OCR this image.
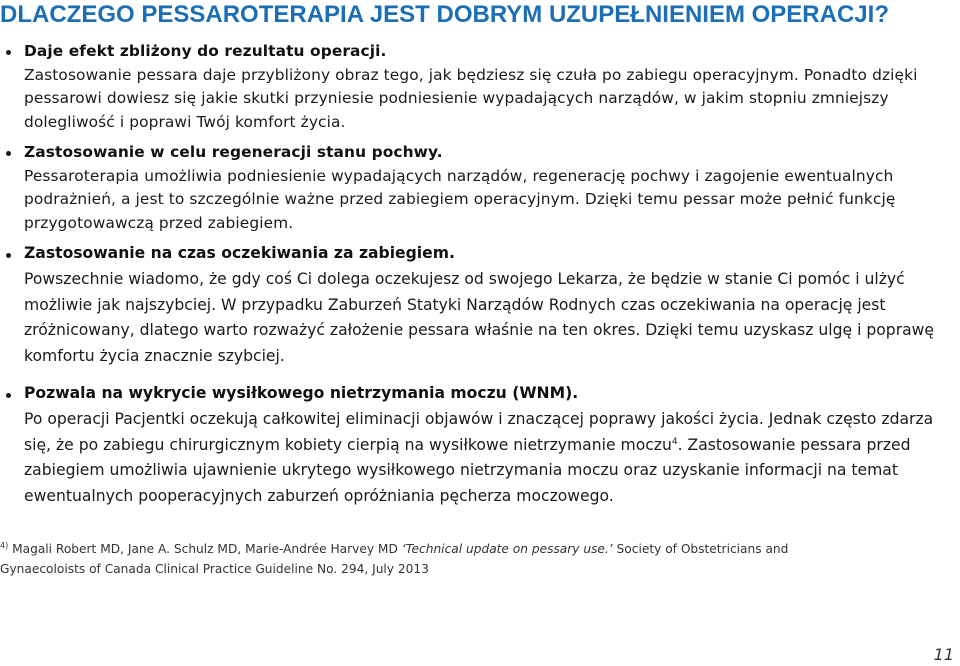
DLACZEGO PESSAROTERAPIA JEST DOBRYM UZUPEŁNIENIEM OPERACJI?
Daje efekt zbliżony do rezultatu operacji.
Zastosowanie pessara daje przybliżony obraz tego, jak będziesz się czuła po zabiegu operacyjnym. Ponadto dzięki pessarowi dowiesz się jakie skutki przyniesie podniesienie wypadających narządów, w jakim stopniu zmniejszy dolegliwość i poprawi Twój komfort życia.
Zastosowanie w celu regeneracji stanu pochwy.
Pessaroterapia umożliwia podniesienie wypadających narządów, regenerację pochwy i zagojenie ewentualnych podrażnień, a jest to szczególnie ważne przed zabiegiem operacyjnym. Dzięki temu pessar może pełnić funkcję przygotowawczą przed zabiegiem.
Zastosowanie na czas oczekiwania za zabiegiem.
Powszechnie wiadomo, że gdy coś Ci dolega oczekujesz od swojego Lekarza, że będzie w stanie Ci pomóc i ulżyć możliwie jak najszybciej. W przypadku Zaburzeń Statyki Narządów Rodnych czas oczekiwania na operację jest zróżnicowany, dlatego warto rozważyć założenie pessara właśnie na ten okres. Dzięki temu uzyskasz ulgę i poprawę komfortu życia znacznie szybciej.
Pozwala na wykrycie wysiłkowego nietrzymania moczu (WNM).
Po operacji Pacjentki oczekują całkowitej eliminacji objawów i znaczącej poprawy jakości życia. Jednak często zdarza się, że po zabiegu chirurgicznym kobiety cierpią na wysiłkowe nietrzymanie moczu$^4$. Zastosowanie pessara przed zabiegiem umożliwia ujawnienie ukrytego wysiłkowego nietrzymania moczu oraz uzyskanie informacji na temat ewentualnych pooperacyjnych zaburzeń opróżniania pęcherza moczowego.

$^{4)}$ Magali Robert MD, Jane A. Schulz MD, Marie-Andrée Harvey MD ‘Technical update on pessary use.’ Society of Obstetricians and Gynaecoloists of Canada Clinical Practice Guideline No. 294, July 2013

11
